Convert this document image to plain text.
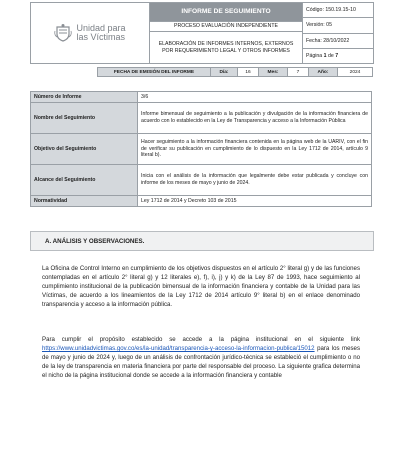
Unidad para
las Víctimas
INFORME DE SEGUIMIENTO
PROCESO EVALUACIÓN INDEPENDIENTE
ELABORACIÓN DE INFORMES INTERNOS, EXTERNOS POR REQUERIMIENTO LEGAL Y OTROS INFORMES
Código: 150.19.15-10
Versión: 05
Fecha: 28/10/2022
Página
1
de
7
FECHA DE EMISIÓN DEL INFORME	Día:	16	Mes:	7	Año:	2024
Número de Informe	3/6
Nombre del Seguimiento	Informe bimensual de seguimiento a la publicación y divulgación de la información financiera de acuerdo con lo establecido en la Ley de Transparencia y acceso a la Información Pública
Objetivo del Seguimiento	Hacer seguimiento a la información financiera contenida en la página web de la UARIV, con el fin de verificar su publicación en cumplimiento de lo dispuesto en la Ley 1712 de 2014, artículo 9 literal b).
Alcance del Seguimiento	Inicia con el análisis de la información que legalmente debe estar publicada y concluye con informe de los meses de mayo y junio de 2024.
Normatividad	Ley 1712 de 2014 y Decreto 103 de 2015
A. ANÁLISIS Y OBSERVACIONES.
La Oficina de Control Interno en cumplimiento de los objetivos dispuestos en el artículo 2° literal g) y de las funciones contempladas en el artículo 2° literal g) y 12 literales e), f), i), j) y k) de la Ley 87 de 1993, hace seguimiento al cumplimiento institucional de la publicación bimensual de la información financiera y contable de la Unidad para las Víctimas, de acuerdo a los lineamientos de la Ley 1712 de 2014 artículo 9° literal b) en el enlace denominado transparencia y acceso a la información pública.
Para cumplir el propósito establecido se accede a la página institucional en el siguiente link https://www.unidadvictimas.gov.co/es/la-unidad/transparencia-y-acceso-la-informacion-publica/15012 para los meses de mayo y junio de 2024 y, luego de un análisis de confrontación jurídico-técnica se estableció el cumplimiento o no de la ley de transparencia en materia financiera por parte del responsable del proceso. La siguiente grafica determina el nicho de la página institucional donde se accede a la información financiera y contable
